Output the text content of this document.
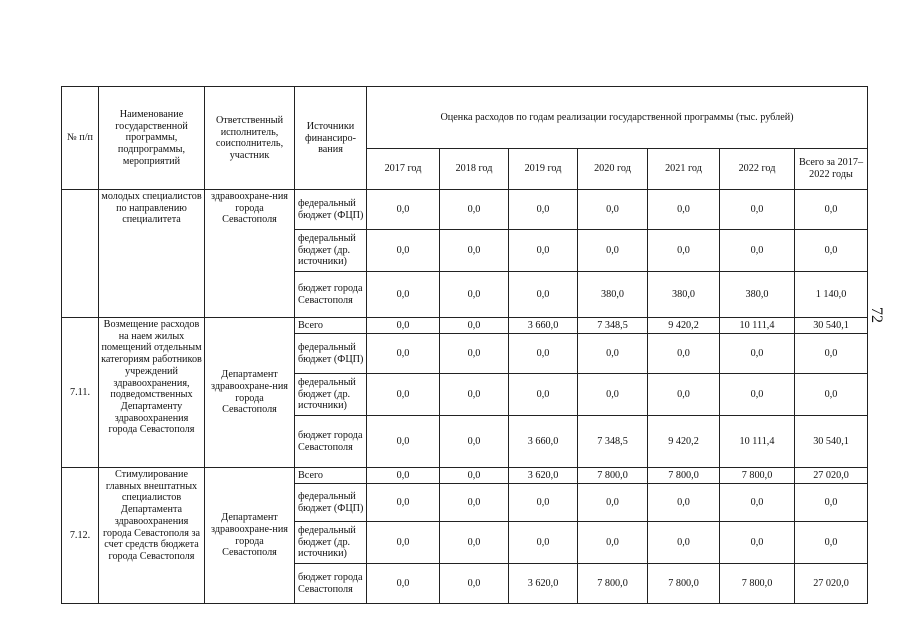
72
№ п/п	Наименование государственной программы, подпрограммы, мероприятий	Ответственный исполнитель, соисполнитель, участник	Источники финансиро-вания	Оценка расходов по годам реализации государственной программы (тыс. рублей)						
				2017 год	2018 год	2019 год	2020 год	2021 год	2022 год	Всего за 2017–2022 годы
	молодых специалистов по направлению специалитета	здравоохране-ния города Севастополя	федеральный бюджет (ФЦП)	0,0	0,0	0,0	0,0	0,0	0,0	0,0
			федеральный бюджет (др. источники)	0,0	0,0	0,0	0,0	0,0	0,0	0,0
			бюджет города Севастополя	0,0	0,0	0,0	380,0	380,0	380,0	1 140,0
7.11.	Возмещение расходов на наем жилых помещений отдельным категориям работников учреждений здравоохранения, подведомственных Департаменту здравоохранения города Севастополя	Департамент здравоохране-ния города Севастополя	Всего	0,0	0,0	3 660,0	7 348,5	9 420,2	10 111,4	30 540,1
			федеральный бюджет (ФЦП)	0,0	0,0	0,0	0,0	0,0	0,0	0,0
			федеральный бюджет (др. источники)	0,0	0,0	0,0	0,0	0,0	0,0	0,0
			бюджет города Севастополя	0,0	0,0	3 660,0	7 348,5	9 420,2	10 111,4	30 540,1
7.12.	Стимулирование главных внештатных специалистов Департамента здравоохранения города Севастополя за счет средств бюджета города Севастополя	Департамент здравоохране-ния города Севастополя	Всего	0,0	0,0	3 620,0	7 800,0	7 800,0	7 800,0	27 020,0
			федеральный бюджет (ФЦП)	0,0	0,0	0,0	0,0	0,0	0,0	0,0
			федеральный бюджет (др. источники)	0,0	0,0	0,0	0,0	0,0	0,0	0,0
			бюджет города Севастополя	0,0	0,0	3 620,0	7 800,0	7 800,0	7 800,0	27 020,0
